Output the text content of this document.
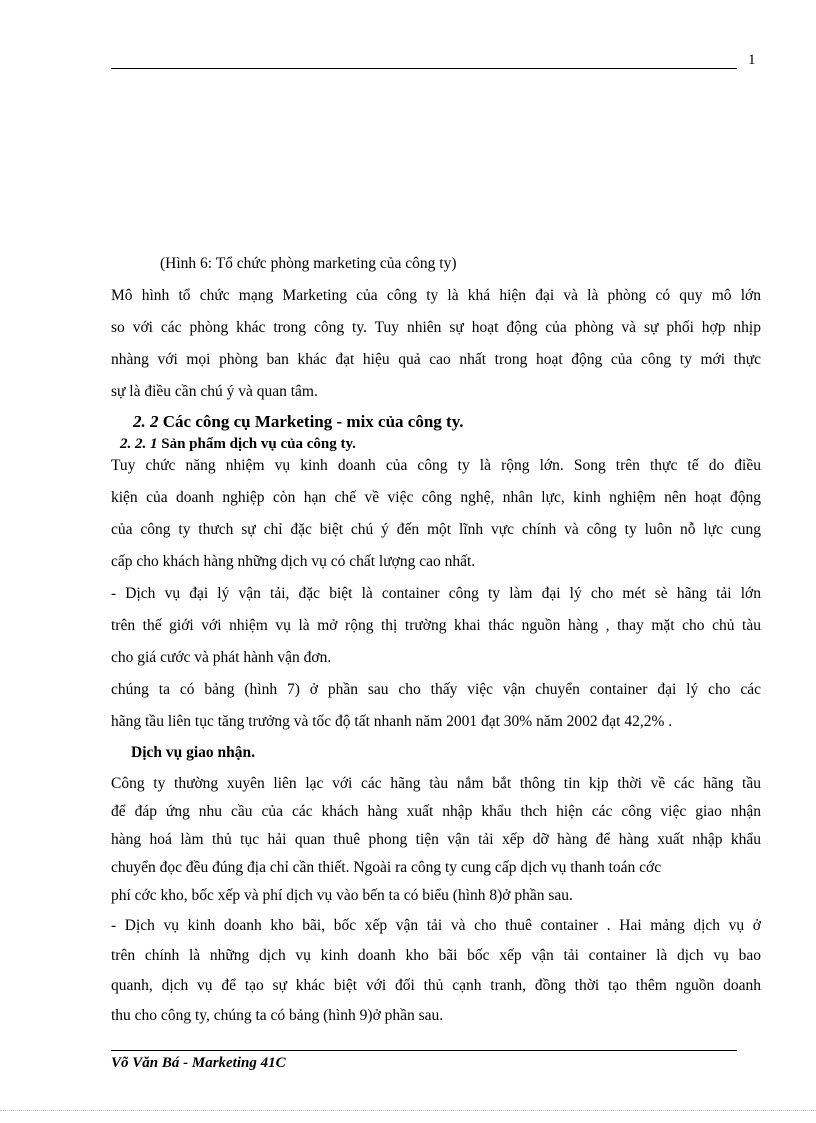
1
(Hình 6: Tổ chức phòng marketing của công ty)
Mô hình tổ chức mạng Marketing của công ty là khá hiện đại và là phòng có quy mô lớn
so với các phòng khác trong công ty. Tuy nhiên sự hoạt động của phòng và sự phối hợp nhịp
nhàng với mọi phòng ban khác đạt hiệu quả cao nhất trong hoạt động của công ty mới thực
sự là điều cần chú ý và quan tâm.
2. 2 Các công cụ Marketing - mix của công ty.
2. 2. 1 Sản phẩm dịch vụ của công ty.
Tuy chức năng nhiệm vụ kinh doanh của công ty là rộng lớn. Song trên thực tế do điều
kiện của doanh nghiệp còn hạn chế về việc công nghệ, nhân lực, kinh nghiệm nên hoạt động
của công ty thưch sự chỉ đặc biệt chú ý đến một lĩnh vực chính và công ty luôn nỗ lực cung
cấp cho khách hàng những dịch vụ có chất lượng cao nhất.
- Dịch vụ đại lý vận tải, đặc biệt là container công ty làm đại lý cho mét sè hãng tải lớn
trên thế giới với nhiệm vụ là mở rộng thị trường khai thác nguồn hàng , thay mặt cho chủ tàu
cho giá cước và phát hành vận đơn.
chúng ta có bảng (hình 7) ở phần sau cho thấy việc vận chuyển container đại lý cho các
hãng tầu liên tục tăng trưởng và tốc độ tất nhanh năm 2001 đạt 30% năm 2002 đạt 42,2% .
Dịch vụ giao nhận.
Công ty thường xuyên liên lạc với các hãng tàu nắm bắt thông tin kịp thời về các hãng tầu
để đáp ứng nhu cầu của các khách hàng xuất nhập khẩu thch hiện các công việc giao nhận
hàng hoá làm thủ tục hải quan thuê phong tiện vận tải xếp dỡ hàng để hàng xuất nhập khẩu
chuyển đọc đều đúng địa chỉ cần thiết. Ngoài ra công ty cung cấp dịch vụ thanh toán cớc
phí cớc kho, bốc xếp và phí dịch vụ vào bến ta có biểu (hình 8)ở phần sau.
- Dịch vụ kinh doanh kho bãi, bốc xếp vận tải và cho thuê container . Hai mảng dịch vụ ở
trên chính là những dịch vụ kinh doanh kho bãi bốc xếp vận tải container là dịch vụ bao
quanh, dịch vụ để tạo sự khác biệt với đối thủ cạnh tranh, đồng thời tạo thêm nguồn doanh
thu cho công ty, chúng ta có bảng (hình 9)ở phần sau.
Võ Văn Bá - Marketing 41C
